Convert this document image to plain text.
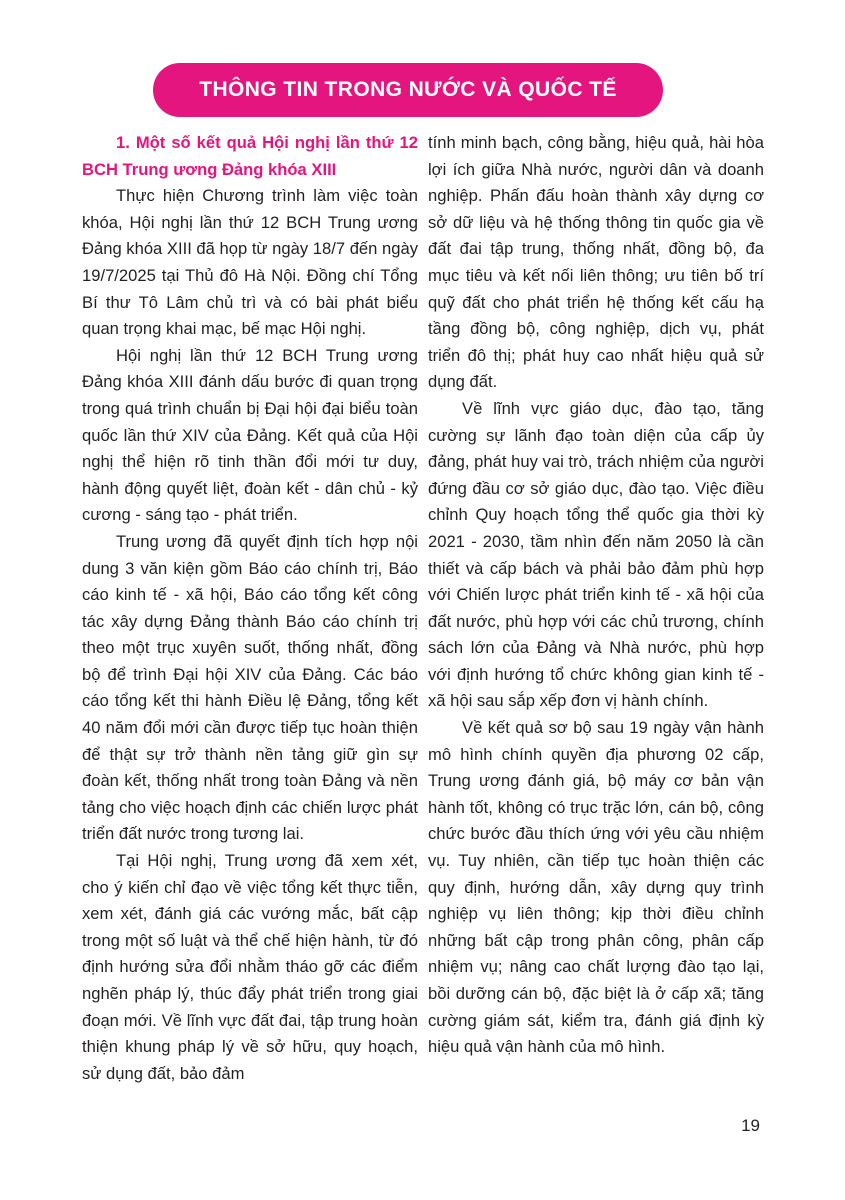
THÔNG TIN TRONG NƯỚC VÀ QUỐC TẾ

1. Một số kết quả Hội nghị lần thứ 12 BCH Trung ương Đảng khóa XIII

Thực hiện Chương trình làm việc toàn khóa, Hội nghị lần thứ 12 BCH Trung ương Đảng khóa XIII đã họp từ ngày 18/7 đến ngày 19/7/2025 tại Thủ đô Hà Nội. Đồng chí Tổng Bí thư Tô Lâm chủ trì và có bài phát biểu quan trọng khai mạc, bế mạc Hội nghị.

Hội nghị lần thứ 12 BCH Trung ương Đảng khóa XIII đánh dấu bước đi quan trọng trong quá trình chuẩn bị Đại hội đại biểu toàn quốc lần thứ XIV của Đảng. Kết quả của Hội nghị thể hiện rõ tinh thần đổi mới tư duy, hành động quyết liệt, đoàn kết - dân chủ - kỷ cương - sáng tạo - phát triển.

Trung ương đã quyết định tích hợp nội dung 3 văn kiện gồm Báo cáo chính trị, Báo cáo kinh tế - xã hội, Báo cáo tổng kết công tác xây dựng Đảng thành Báo cáo chính trị theo một trục xuyên suốt, thống nhất, đồng bộ để trình Đại hội XIV của Đảng. Các báo cáo tổng kết thi hành Điều lệ Đảng, tổng kết 40 năm đổi mới cần được tiếp tục hoàn thiện để thật sự trở thành nền tảng giữ gìn sự đoàn kết, thống nhất trong toàn Đảng và nền tảng cho việc hoạch định các chiến lược phát triển đất nước trong tương lai.

Tại Hội nghị, Trung ương đã xem xét, cho ý kiến chỉ đạo về việc tổng kết thực tiễn, xem xét, đánh giá các vướng mắc, bất cập trong một số luật và thể chế hiện hành, từ đó định hướng sửa đổi nhằm tháo gỡ các điểm nghẽn pháp lý, thúc đẩy phát triển trong giai đoạn mới. Về lĩnh vực đất đai, tập trung hoàn thiện khung pháp lý về sở hữu, quy hoạch, sử dụng đất, bảo đảm

tính minh bạch, công bằng, hiệu quả, hài hòa lợi ích giữa Nhà nước, người dân và doanh nghiệp. Phấn đấu hoàn thành xây dựng cơ sở dữ liệu và hệ thống thông tin quốc gia về đất đai tập trung, thống nhất, đồng bộ, đa mục tiêu và kết nối liên thông; ưu tiên bố trí quỹ đất cho phát triển hệ thống kết cấu hạ tầng đồng bộ, công nghiệp, dịch vụ, phát triển đô thị; phát huy cao nhất hiệu quả sử dụng đất.

Về lĩnh vực giáo dục, đào tạo, tăng cường sự lãnh đạo toàn diện của cấp ủy đảng, phát huy vai trò, trách nhiệm của người đứng đầu cơ sở giáo dục, đào tạo. Việc điều chỉnh Quy hoạch tổng thể quốc gia thời kỳ 2021 - 2030, tầm nhìn đến năm 2050 là cần thiết và cấp bách và phải bảo đảm phù hợp với Chiến lược phát triển kinh tế - xã hội của đất nước, phù hợp với các chủ trương, chính sách lớn của Đảng và Nhà nước, phù hợp với định hướng tổ chức không gian kinh tế - xã hội sau sắp xếp đơn vị hành chính.

Về kết quả sơ bộ sau 19 ngày vận hành mô hình chính quyền địa phương 02 cấp, Trung ương đánh giá, bộ máy cơ bản vận hành tốt, không có trục trặc lớn, cán bộ, công chức bước đầu thích ứng với yêu cầu nhiệm vụ. Tuy nhiên, cần tiếp tục hoàn thiện các quy định, hướng dẫn, xây dựng quy trình nghiệp vụ liên thông; kịp thời điều chỉnh những bất cập trong phân công, phân cấp nhiệm vụ; nâng cao chất lượng đào tạo lại, bồi dưỡng cán bộ, đặc biệt là ở cấp xã; tăng cường giám sát, kiểm tra, đánh giá định kỳ hiệu quả vận hành của mô hình.

19
